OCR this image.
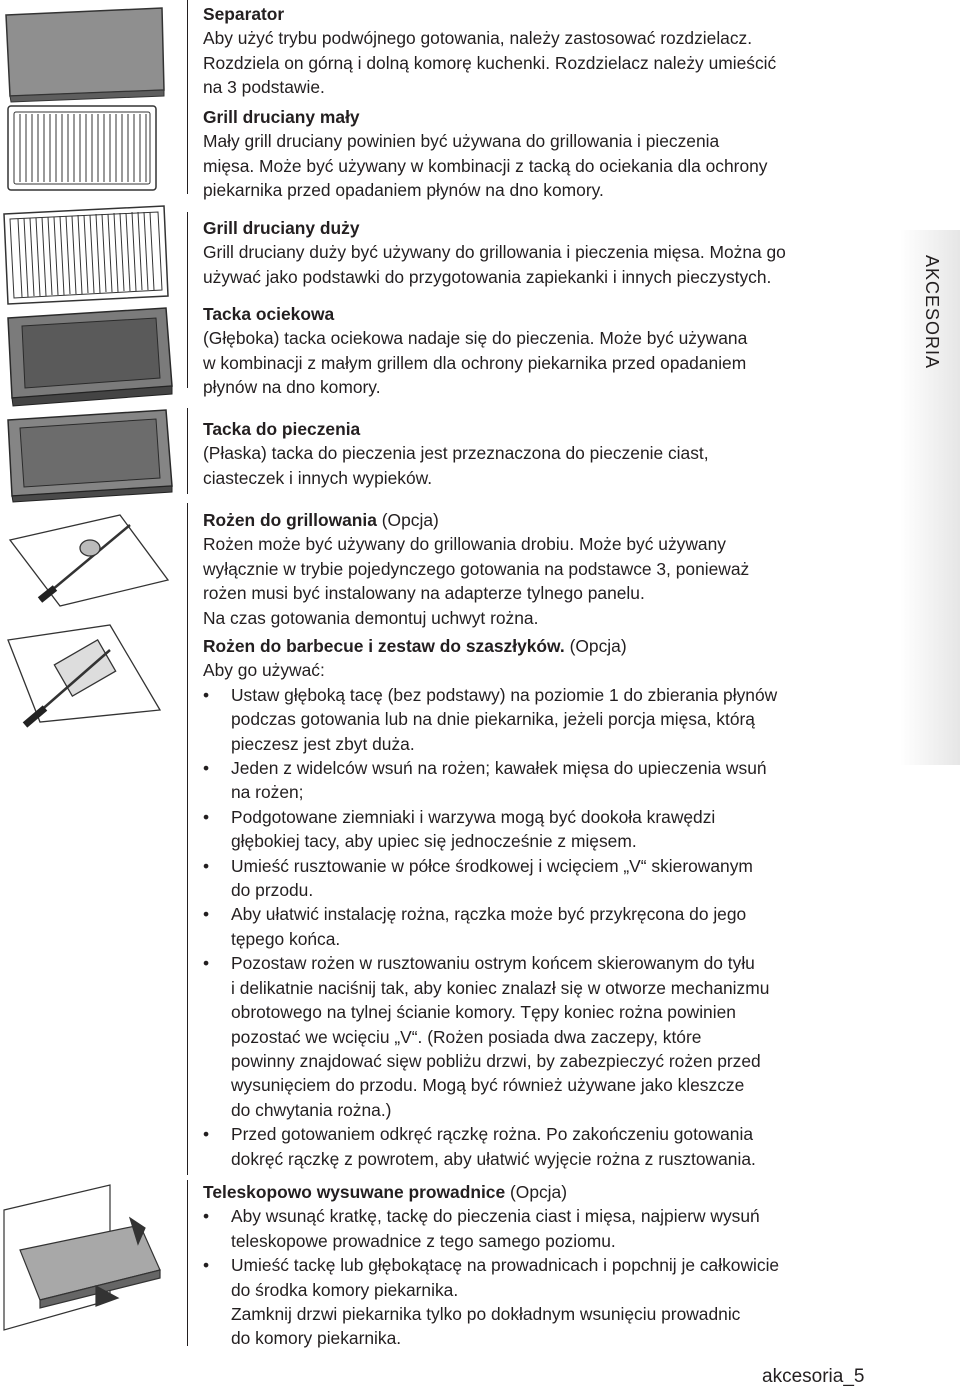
AKCESORIA
Separator

Aby użyć trybu podwójnego gotowania, należy zastosować rozdzielacz.

Rozdziela on górną i dolną komorę kuchenki. Rozdzielacz należy umieścić

na 3 podstawie.

Grill druciany mały

Mały grill druciany powinien być używana do grillowania i pieczenia

mięsa. Może być używany w kombinacji z tacką do ociekania dla ochrony

piekarnika przed opadaniem płynów na dno komory.

Grill druciany duży

Grill druciany duży być używany do grillowania i pieczenia mięsa. Można go

używać jako podstawki do przygotowania zapiekanki i innych pieczystych.

Tacka ociekowa

(Głęboka) tacka ociekowa nadaje się do pieczenia. Może być używana

w kombinacji z małym grillem dla ochrony piekarnika przed opadaniem

płynów na dno komory.

Tacka do pieczenia

(Płaska) tacka do pieczenia jest przeznaczona do pieczenie ciast,

ciasteczek i innych wypieków.

Rożen do grillowania (Opcja)

Rożen może być używany do grillowania drobiu. Może być używany

wyłącznie w trybie pojedynczego gotowania na podstawce 3, ponieważ

rożen musi być instalowany na adapterze tylnego panelu.

Na czas gotowania demontuj uchwyt rożna.

Rożen do barbecue i zestaw do szaszłyków. (Opcja)

Aby go używać:

• Ustaw głęboką tacę (bez podstawy) na poziomie 1 do zbierania płynów

podczas gotowania lub na dnie piekarnika, jeżeli porcja mięsa, którą

pieczesz jest zbyt duża.

• Jeden z widelców wsuń na rożen; kawałek mięsa do upieczenia wsuń

na rożen;

• Podgotowane ziemniaki i warzywa mogą być dookoła krawędzi

głębokiej tacy, aby upiec się jednocześnie z mięsem.

• Umieść rusztowanie w półce środkowej i wcięciem „V“ skierowanym

do przodu.

• Aby ułatwić instalację rożna, rączka może być przykręcona do jego

tępego końca.

• Pozostaw rożen w rusztowaniu ostrym końcem skierowanym do tyłu

i delikatnie naciśnij tak, aby koniec znalazł się w otworze mechanizmu

obrotowego na tylnej ścianie komory. Tępy koniec rożna powinien

pozostać we wcięciu „V“. (Rożen posiada dwa zaczepy, które

powinny znajdować sięw pobliżu drzwi, by zabezpieczyć rożen przed

wysunięciem do przodu. Mogą być również używane jako kleszcze

do chwytania rożna.)

• Przed gotowaniem odkręć rączkę rożna. Po zakończeniu gotowania

dokręć rączkę z powrotem, aby ułatwić wyjęcie rożna z rusztowania.

Teleskopowo wysuwane prowadnice (Opcja)

• Aby wsunąć kratkę, tackę do pieczenia ciast i mięsa, najpierw wysuń

teleskopowe prowadnice z tego samego poziomu.

• Umieść tackę lub głębokątacę na prowadnicach i popchnij je całkowicie

do środka komory piekarnika.

Zamknij drzwi piekarnika tylko po dokładnym wsunięciu prowadnic

do komory piekarnika.

akcesoria_5
